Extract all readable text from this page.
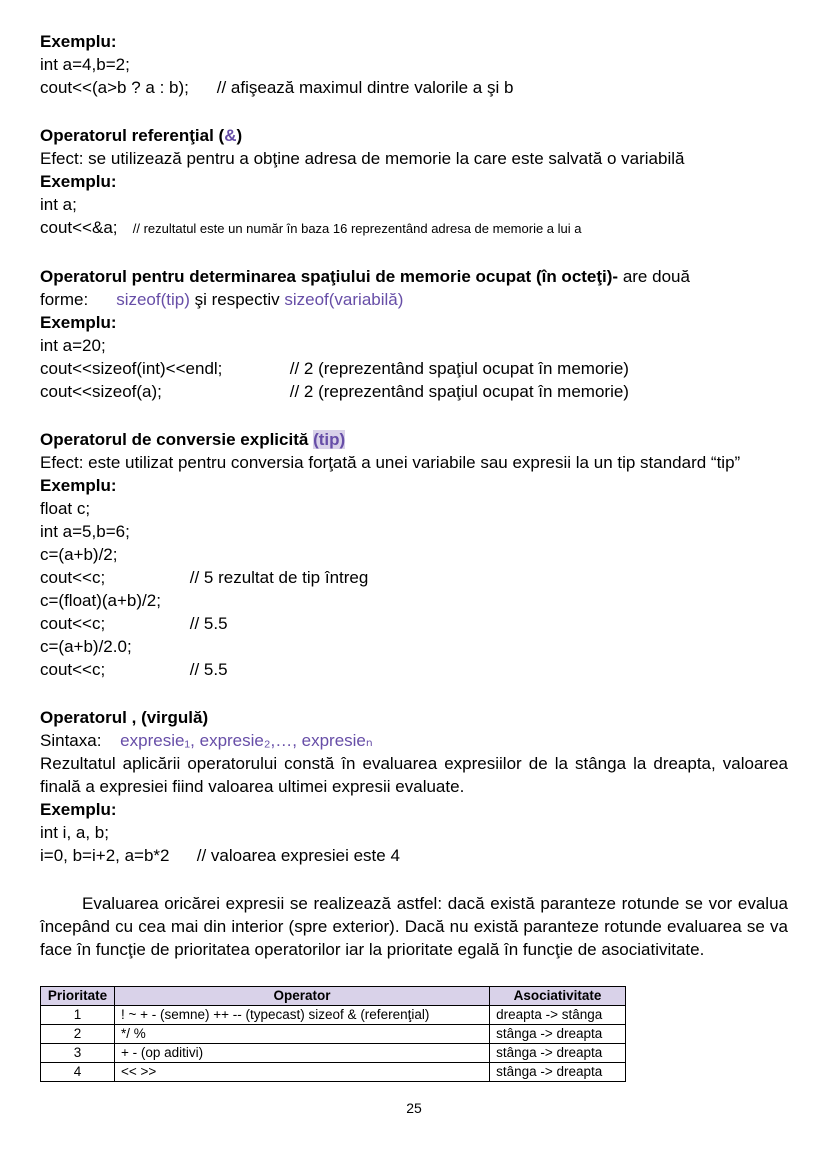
Exemplu:
int a=4,b=2;
cout<<(a>b ? a : b); // afişează maximul dintre valorile a şi b
Operatorul referenţial (&)
Efect: se utilizează pentru a obţine adresa de memorie la care este salvată o variabilă
Exemplu:
int a;
cout<<&a; // rezultatul este un număr în baza 16 reprezentând adresa de memorie a lui a
Operatorul pentru determinarea spaţiului de memorie ocupat (în octeţi)- are două
forme: sizeof(tip) şi respectiv sizeof(variabilă)
Exemplu:
int a=20;
cout<<sizeof(int)<<endl;	// 2 (reprezentând spaţiul ocupat în memorie)
cout<<sizeof(a);	// 2 (reprezentând spaţiul ocupat în memorie)
Operatorul de conversie explicită (tip)
Efect: este utilizat pentru conversia forţată a unei variabile sau expresii la un tip standard “tip”
Exemplu:
float c;
int a=5,b=6;
c=(a+b)/2;
cout<<c;	// 5 rezultat de tip întreg
c=(float)(a+b)/2;
cout<<c;	// 5.5
c=(a+b)/2.0;
cout<<c;	// 5.5
Operatorul , (virgulă)
Sintaxa: expresie₁, expresie₂,…, expresieₙ
Rezultatul aplicării operatorului constă în evaluarea expresiilor de la stânga la dreapta, valoarea finală a expresiei fiind valoarea ultimei expresii evaluate.
Exemplu:
int i, a, b;
i=0, b=i+2, a=b*2 // valoarea expresiei este 4
Evaluarea oricărei expresii se realizează astfel: dacă există paranteze rotunde se vor evalua începând cu cea mai din interior (spre exterior). Dacă nu există paranteze rotunde evaluarea se va face în funcţie de prioritatea operatorilor iar la prioritate egală în funcţie de asociativitate.
Prioritate	Operator	Asociativitate
1	! ~ + - (semne) ++ -- (typecast) sizeof & (referenţial)	dreapta -> stânga
2	*/ %	stânga -> dreapta
3	+ - (op aditivi)	stânga -> dreapta
4	<< >>	stânga -> dreapta
25
